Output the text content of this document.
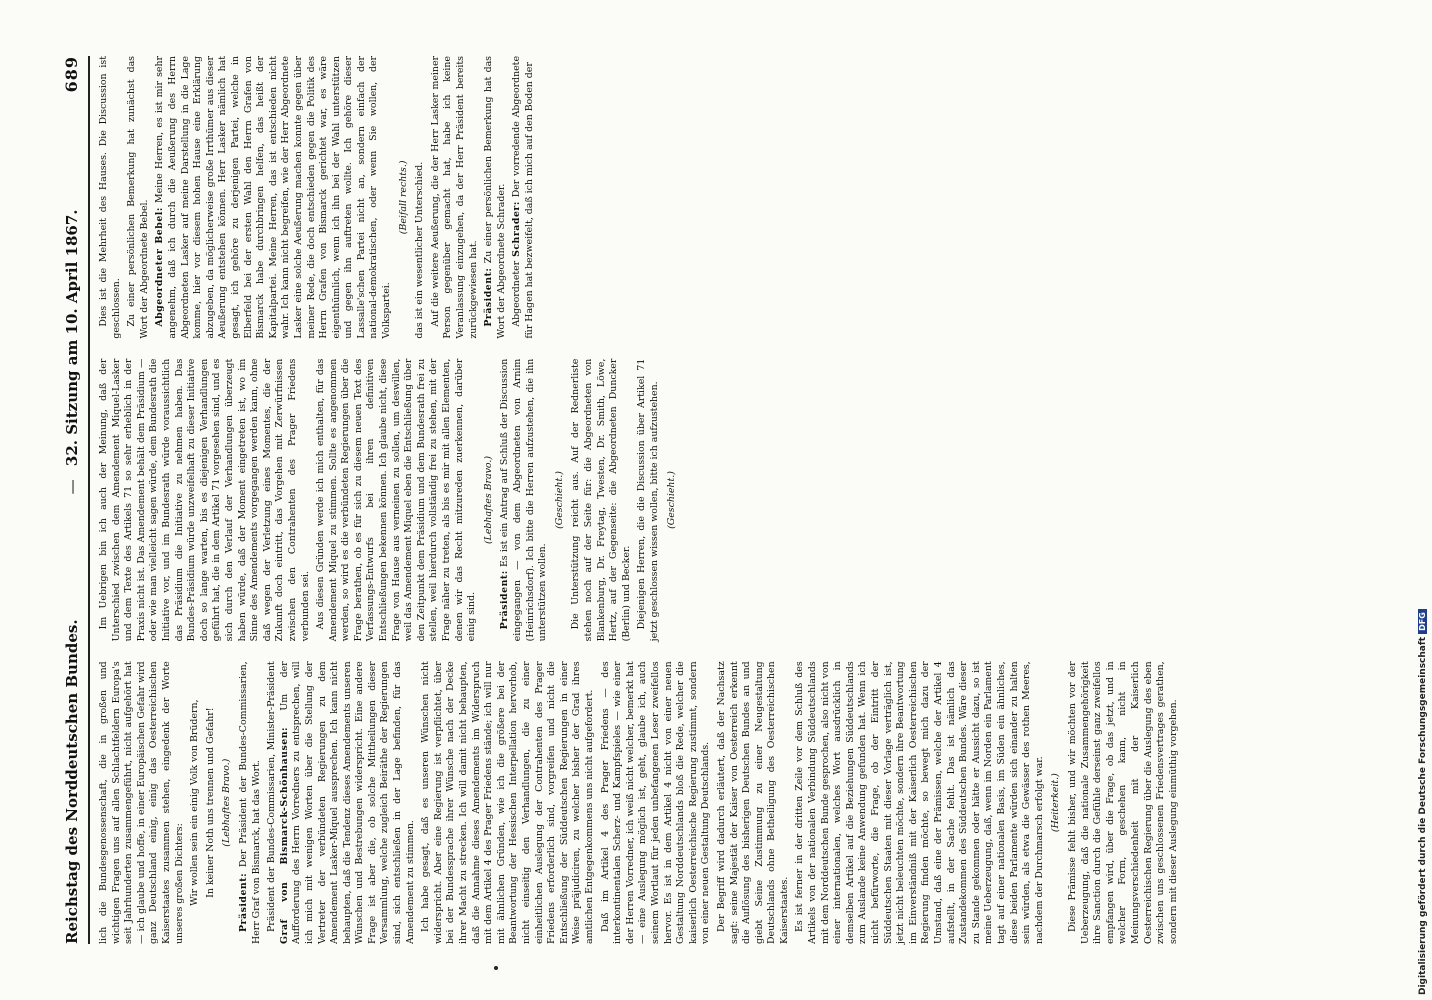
Reichstag des Norddeutschen Bundes.
— 32. Sitzung am 10. April 1867.
689

lich die Bundesgenossenschaft, die in großen und wichtigen Fragen uns auf allen Schlachtfeldern Europa's seit Jahrhunderten zusammengeführt, nicht aufgehört hat — ich glaube und hoffe, in einer Europäischen Gefahr wird ganz Deutschland einig, einig das Oesterreichischen Kaiserstaates zusammen stehen, eingedenk der Worte unseres großen Dichters: Wir wollen sein ein einig Volk von Brüdern, In keiner Noth uns trennen und Gefahr! (Lebhaftes Bravo.)

Präsident: Der Präsident der Bundes-Commissarien, Herr Graf von Bismarck, hat das Wort. Präsident der Bundes-Commissarien, Minister-Präsident Graf von Bismarck-Schönhausen: Um der Aufforderung des Herrn Vorredners zu entsprechen, will ich mich mit wenigen Worten über die Stellung der Vertreter der verbündeten Regierungen zu dem Amendement Lasker-Miquel aussprechen. Ich kann nicht behaupten, daß die Tendenz dieses Amendements unseren Wünschen und Bestrebungen widerspricht. Eine andere Frage ist aber die, ob solche Mittheilungen dieser Versammlung, welche zugleich Beiräthe der Regierungen sind, sich entschließen in der Lage befinden, für das Amendement zu stimmen. Ich habe gesagt, daß es unseren Wünschen nicht widerspricht. Aber eine Regierung ist verpflichtet, über bei der Bundessprache ihrer Wünsche nach der Decke ihrer Macht zu strecken. Ich will damit nicht behaupten, daß die Annahme dieses Amendements im Widerspruch mit dem Artikel 4 des Prager Friedens stände; ich will nur mit ähnlichen Gründen, wie ich die größere bei der Beantwortung der Hessischen Interpellation hervorhob, nicht einseitig den Verhandlungen, die zu einer einheitlichen Auslegung der Contrahenten des Prager Friedens erforderlich sind, vorgreifen und nicht die Entschließung der Süddeutschen Regierungen in einer Weise präjudiciren, zu welcher bisher der Grad ihres amtlichen Entgegenkommens uns nicht aufgefordert. Daß im Artikel 4 des Prager Friedens — des interkontinentalen Scherz- und Kampfspieles — wie einer der Herren Vorredner, ich weiß nicht welcher, bemerkt hat — eine Auslegung möglich ist, geht, glaube ich, auch seinem Wortlaut für jeden unbefangenen Leser zweifellos hervor. Es ist in dem Artikel 4 nicht von einer neuen Gestaltung Norddeutschlands bloß die Rede, welcher die kaiserlich Oesterreichische Regierung zustimmt, sondern von einer neuen Gestaltung Deutschlands. Der Begriff wird dadurch erläutert, daß der Nachsatz sagt: seine Majestät der Kaiser von Oesterreich erkennt die Auflösung des bisherigen Deutschen Bundes an und giebt Seine Zustimmung zu einer Neugestaltung Deutschlands ohne Betheiligung des Oesterreichischen Kaiserstaates. Es ist ferner in der dritten Zeile vor dem Schluß des Artikels von der nationalen Verbindung Süddeutschlands mit dem Norddeutschen Bunde gesprochen, also nicht von einer internationalen, welches Wort ausdrücklich in demselben Artikel auf die Beziehungen Süddeutschlands zum Auslande keine Anwendung gefunden hat. Wenn ich nicht befürworte, die Frage, ob der Eintritt der Süddeutschen Staaten mit dieser Vorlage verträglich ist, jetzt nicht beleuchten möchte, sondern ihre Beantwortung im Einverständniß mit der Kaiserlich Oesterreichischen Regierung finden möchte, so bewegt mich dazu der Umstand, daß eine der Prämissen, welche der Artikel 4 aufstellt, in der Sache fehlt. Das ist nämlich das Zustandekommen des Süddeutschen Bundes. Wäre dieser zu Stande gekommen oder hätte er Aussicht dazu, so ist meine Ueberzeugung, daß, wenn im Norden ein Parlament tagt auf einer nationalen Basis, im Süden ein ähnliches, diese beiden Parlamente würden sich einander zu halten sein würden, als etwa die Gewässer des rothen Meeres, nachdem der Durchmarsch erfolgt war. (Heiterkeit.) Diese Prämisse fehlt bisher, und wir möchten vor der Ueberzeugung, daß die nationale Zusammengehörigkeit ihre Sanction durch die Gefühle derseinst ganz zweifellos empfangen wird, über die Frage, ob das jetzt, und in welcher Form, geschehen kann, nicht in Meinungsverschiedenheit mit der Kaiserlich Oesterreichischen Regierung über die Auslegung des eben zwischen uns geschlossenen Friedensvertrages gerathen, sondern mit dieser Auslegung einmüthig vorgehen.

Im Uebrigen bin ich auch der Meinung, daß der Unterschied zwischen dem Amendement Miquel-Lasker und dem Texte des Artikels 71 so sehr erheblich in der Praxis nicht ist. Das Amendement behält dem Präsidium — oder wie man vielleicht sagen würde, dem Bundesrath die Initiative vor, und im Bundesrath würde voraussichtlich das Präsidium die Initiative zu nehmen haben. Das Bundes-Präsidium würde unzweifelhaft zu dieser Initiative doch so lange warten, bis es diejenigen Verhandlungen geführt hat, die in dem Artikel 71 vorgesehen sind, und es sich durch den Verlauf der Verhandlungen überzeugt haben würde, daß der Moment eingetreten ist, wo im Sinne des Amendements vorgegangen werden kann, ohne daß wegen der Verletzung eines Momentes, die der Zukunft doch eintritt, das Vorgehen mit Zerwürfnissen zwischen den Contrahenten des Prager Friedens verbunden sei. Aus diesen Gründen werde ich mich enthalten, für das Amendement Miquel zu stimmen. Sollte es angenommen werden, so wird es die verbündeten Regierungen über die Frage berathen, ob es für sich zu diesem neuen Text des Verfassungs-Entwurfs bei ihren definitiven Entschließungen bekennen können. Ich glaube nicht, diese Frage von Hause aus verneinen zu sollen, um deswillen, weil das Amendement Miquel eben die Entschließung über den Zeitpunkt dem Präsidium und dem Bundesrath frei zu stellen, weil hierdurch vollständig frei zu stehen, mit der Frage näher zu treten, als bis es mir mit allen Elementen, denen wir das Recht mitzureden zuerkennen, darüber einig sind.

(Lebhaftes Bravo.)

Präsident: Es ist ein Antrag auf Schluß der Discussion eingegangen — von dem Abgeordneten von Arnim (Heinrichsdorf). Ich bitte die Herren aufzustehen, die ihn unterstützen wollen.

(Geschieht.) Die Unterstützung reicht aus. Auf der Rednerliste stehen noch auf der Seite für: die Abgeordneten von Blankenburg, Dr. Freytag, Twesten, Dr. Smith, Löwe, Hertz, auf der Gegenseite: die Abgeordneten Duncker (Berlin) und Becker. Diejenigen Herren, die die Discussion über Artikel 71 jetzt geschlossen wissen wollen, bitte ich aufzustehen. (Geschieht.)

Dies ist die Mehrheit des Hauses. Die Discussion ist geschlossen. Zu einer persönlichen Bemerkung hat zunächst das Wort der Abgeordnete Bebel. Abgeordneter Bebel: Meine Herren, es ist mir sehr angenehm, daß ich durch die Aeußerung des Herrn Abgeordneten Lasker auf meine Darstellung in die Lage komme, hier vor diesem hohen Hause eine Erklärung abzugeben, da möglicherweise große Irrthümer aus dieser Aeußerung entstehen können. Herr Lasker nämlich hat gesagt, ich gehöre zu derjenigen Partei, welche in Elberfeld bei der ersten Wahl den Herrn Grafen von Bismarck habe durchbringen helfen, das heißt der Kapitalpartei. Meine Herren, das ist entschieden nicht wahr. Ich kann nicht begreifen, wie der Herr Abgeordnete Lasker eine solche Aeußerung machen konnte gegen über meiner Rede, die doch entschieden gegen die Politik des Herrn Grafen von Bismarck gerichtet war, es wäre eigenthümlich, wenn ich ihn bei der Wahl unterstützen und gegen ihn auftreten wollte. Ich gehöre dieser Lassalle'schen Partei nicht an, sondern einfach der national-demokratischen, oder wenn Sie wollen, der Volkspartei.

(Beifall rechts.) das ist ein wesentlicher Unterschied. Auf die weitere Aeußerung, die der Herr Lasker meiner Person gegenüber gemacht hat, habe ich keine Veranlassung einzugehen, da der Herr Präsident bereits zurückgewiesen hat. Präsident: Zu einer persönlichen Bemerkung hat das Wort der Abgeordnete Schrader. Abgeordneter Schrader: Der vorredende Abgeordnete für Hagen hat bezweifelt, daß ich mich auf den Boden der

Digitalisierung gefördert durch die Deutsche ForschungsgemeinschaftDFG
